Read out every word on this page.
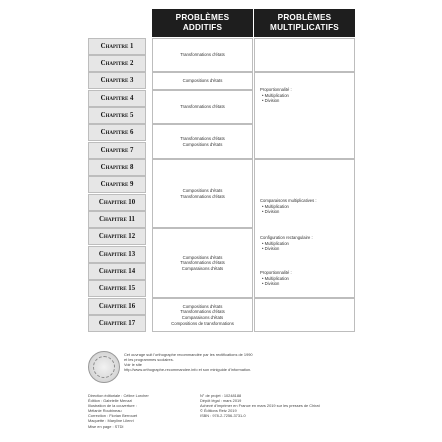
PROBLÈMES
ADDITIFS
PROBLÈMES
MULTIPLICATIFS
Chapitre 1
Chapitre 2
Chapitre 3
Chapitre 4
Chapitre 5
Chapitre 6
Chapitre 7
Chapitre 8
Chapitre 9
Chapitre 10
Chapitre 11
Chapitre 12
Chapitre 13
Chapitre 14
Chapitre 15
Chapitre 16
Chapitre 17
Transformations d'états
Compositions d'états
Transformations d'états
Transformations d'états
Compositions d'états
Compositions d'états
Transformations d'états
Compositions d'états
Transformations d'états
Comparaisons d'états
Compositions d'états
Transformations d'états
Comparaisons d'états
Compositions de transformations
Proportionnalité :
• Multiplication
• Division
Comparaisons multiplicatives :
• Multiplication
• Division
Configuration rectangulaire :
• Multiplication
• Division
Proportionnalité :
• Multiplication
• Division
Cet ouvrage suit l'orthographe recommandée par les rectifications de 1990
et les programmes scolaires.
Voir le site
http://www.orthographe-recommandee.info et son miniguide d'information.
Direction éditoriale : Céline Lorcher
Édition : Gabrielle Menzzi
Illustration de la couverture :
Mélanie Roubineau
Correction : Florian Berrouet
Maquette : Maryline Lilenri
Mise en page : STDI
N° de projet : 10248188
Dépôt légal : mars 2019
Achevé d'imprimer en France en mars 2019 sur les presses de Chirat
© Éditions Retz 2019
ISBN : 978-2-7256-3731-0
